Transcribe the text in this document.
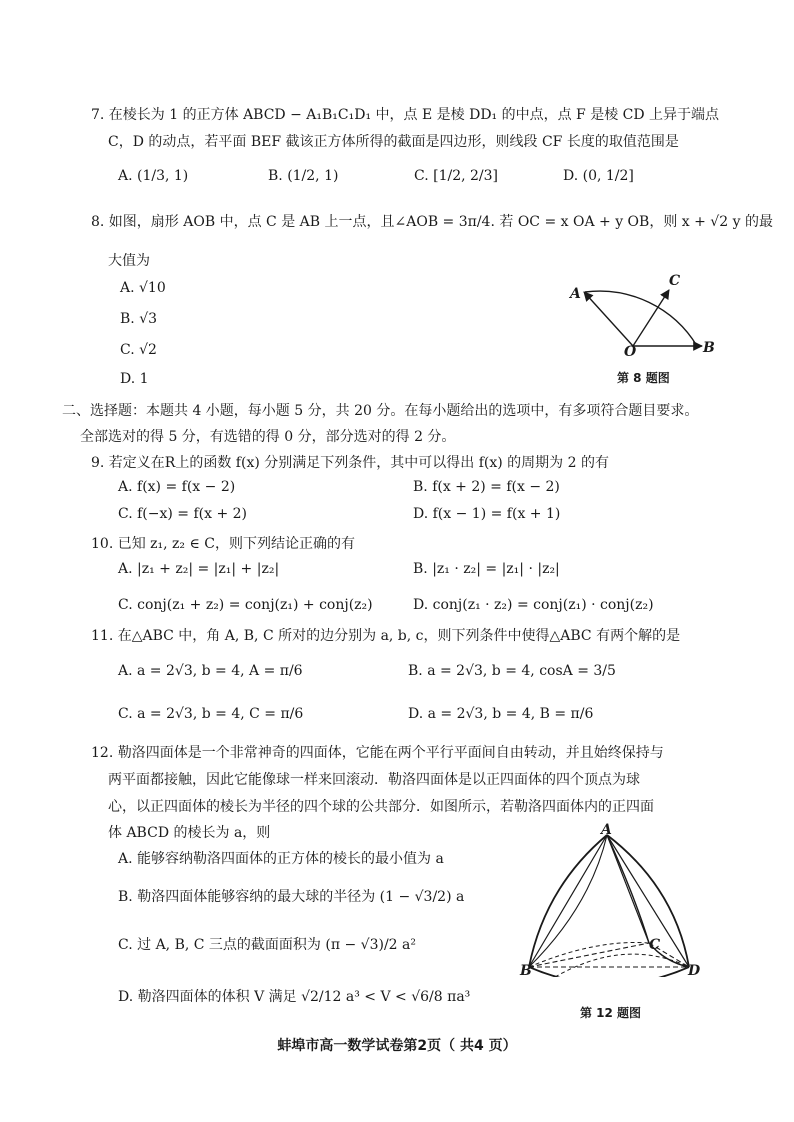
7. 在棱长为 1 的正方体 ABCD − A₁B₁C₁D₁ 中，点 E 是棱 DD₁ 的中点，点 F 是棱 CD 上异于端点
C，D 的动点，若平面 BEF 截该正方体所得的截面是四边形，则线段 CF 长度的取值范围是
A. (1/3, 1)	B. (1/2, 1)	C. [1/2, 2/3]	D. (0, 1/2]
8. 如图，扇形 AOB 中，点 C 是 AB 上一点，且∠AOB = 3π/4. 若 OC = x OA + y OB，则 x + √2 y 的最
大值为
A. √10
B. √3
C. √2
D. 1
A
C
O	B
第 8 题图
二、选择题：本题共 4 小题，每小题 5 分，共 20 分。在每小题给出的选项中，有多项符合题目要求。
全部选对的得 5 分，有选错的得 0 分，部分选对的得 2 分。
9. 若定义在R上的函数 f(x) 分别满足下列条件，其中可以得出 f(x) 的周期为 2 的有
A. f(x) = f(x − 2)	B. f(x + 2) = f(x − 2)
C. f(−x) = f(x + 2)	D. f(x − 1) = f(x + 1)
10. 已知 z₁, z₂ ∈ C，则下列结论正确的有
A. |z₁ + z₂| = |z₁| + |z₂|	B. |z₁ · z₂| = |z₁| · |z₂|
C. conj(z₁ + z₂) = conj(z₁) + conj(z₂)	D. conj(z₁ · z₂) = conj(z₁) · conj(z₂)
11. 在△ABC 中，角 A, B, C 所对的边分别为 a, b, c，则下列条件中使得△ABC 有两个解的是
A. a = 2√3, b = 4, A = π/6	B. a = 2√3, b = 4, cosA = 3/5
C. a = 2√3, b = 4, C = π/6	D. a = 2√3, b = 4, B = π/6
12. 勒洛四面体是一个非常神奇的四面体，它能在两个平行平面间自由转动，并且始终保持与
两平面都接触，因此它能像球一样来回滚动．勒洛四面体是以正四面体的四个顶点为球
心，以正四面体的棱长为半径的四个球的公共部分．如图所示，若勒洛四面体内的正四面
体 ABCD 的棱长为 a，则
A. 能够容纳勒洛四面体的正方体的棱长的最小值为 a
B. 勒洛四面体能够容纳的最大球的半径为 (1 − √3/2) a
C. 过 A, B, C 三点的截面面积为 (π − √3)/2 a²
D. 勒洛四面体的体积 V 满足 √2/12 a³ < V < √6/8 πa³
A
B
C
D
第 12 题图
蚌埠市高一数学试卷第2页（ 共4 页）
